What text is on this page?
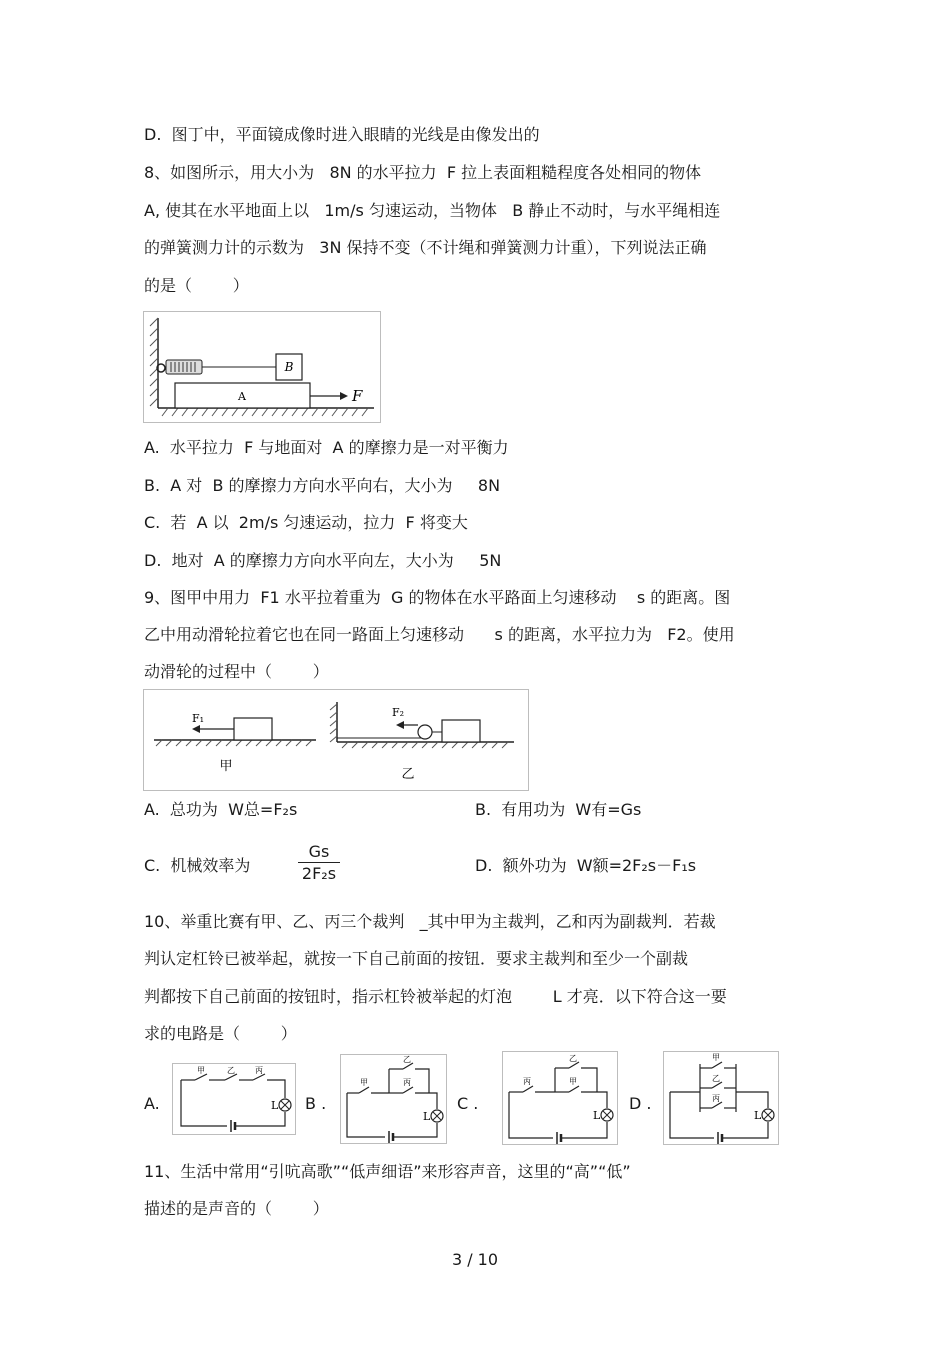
D.  图丁中，平面镜成像时进入眼睛的光线是由像发出的
8、如图所示，用大小为   8N 的水平拉力  F 拉上表面粗糙程度各处相同的物体
A, 使其在水平地面上以   1m/s 匀速运动，当物体   B 静止不动时，与水平绳相连
的弹簧测力计的示数为   3N 保持不变（不计绳和弹簧测力计重），下列说法正确
的是（        ）
B
A	F
A.  水平拉力  F 与地面对  A 的摩擦力是一对平衡力
B.  A 对  B 的摩擦力方向水平向右，大小为     8N
C.  若  A 以  2m/s 匀速运动，拉力  F 将变大
D.  地对  A 的摩擦力方向水平向左，大小为     5N
9、图甲中用力  F1 水平拉着重为  G 的物体在水平路面上匀速移动    s 的距离。图
乙中用动滑轮拉着它也在同一路面上匀速移动      s 的距离，水平拉力为   F2。使用
动滑轮的过程中（        ）
F₁
甲
F₂
乙
A.  总功为  W总=F₂s	B.  有用功为  W有=Gs
C.  机械效率为	$\frac{Gs}{\text{2F₂s}}$	D.  额外功为  W额=2F₂s－F₁s
10、举重比赛有甲、乙、丙三个裁判   _其中甲为主裁判，乙和丙为副裁判．若裁
判认定杠铃已被举起，就按一下自己前面的按钮．要求主裁判和至少一个副裁
判都按下自己前面的按钮时，指示杠铃被举起的灯泡        L 才亮．以下符合这一要
求的电路是（        ）
A.	L
甲	乙	丙
B .
L
甲
乙
丙
C .
L
丙
乙
甲
D .
L
甲
乙
丙
11、生活中常用“引吭高歌”“低声细语”来形容声音，这里的“高”“低”
描述的是声音的（        ）
3 / 10
